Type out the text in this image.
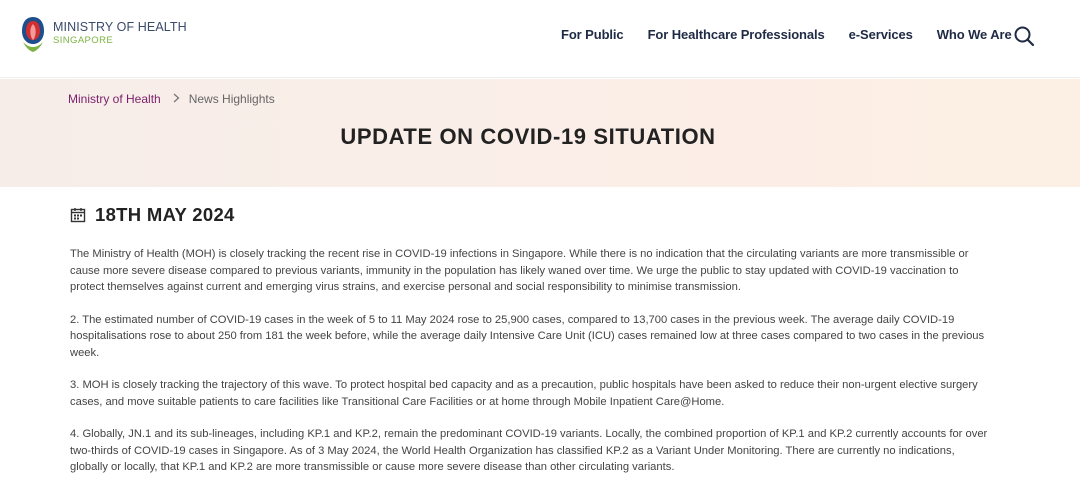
MINISTRY OF HEALTH
SINGAPORE	For Public For Healthcare Professionals e-Services Who We Are
Ministry of Health News Highlights
UPDATE ON COVID-19 SITUATION
18TH MAY 2024

The Ministry of Health (MOH) is closely tracking the recent rise in COVID-19 infections in Singapore. While there is no indication that the circulating variants are more transmissible or cause more severe disease compared to previous variants, immunity in the population has likely waned over time. We urge the public to stay updated with COVID-19 vaccination to protect themselves against current and emerging virus strains, and exercise personal and social responsibility to minimise transmission.

2. The estimated number of COVID-19 cases in the week of 5 to 11 May 2024 rose to 25,900 cases, compared to 13,700 cases in the previous week. The average daily COVID-19 hospitalisations rose to about 250 from 181 the week before, while the average daily Intensive Care Unit (ICU) cases remained low at three cases compared to two cases in the previous week.

3. MOH is closely tracking the trajectory of this wave. To protect hospital bed capacity and as a precaution, public hospitals have been asked to reduce their non-urgent elective surgery cases, and move suitable patients to care facilities like Transitional Care Facilities or at home through Mobile Inpatient Care@Home.

4. Globally, JN.1 and its sub-lineages, including KP.1 and KP.2, remain the predominant COVID-19 variants. Locally, the combined proportion of KP.1 and KP.2 currently accounts for over two-thirds of COVID-19 cases in Singapore. As of 3 May 2024, the World Health Organization has classified KP.2 as a Variant Under Monitoring. There are currently no indications, globally or locally, that KP.1 and KP.2 are more transmissible or cause more severe disease than other circulating variants.
